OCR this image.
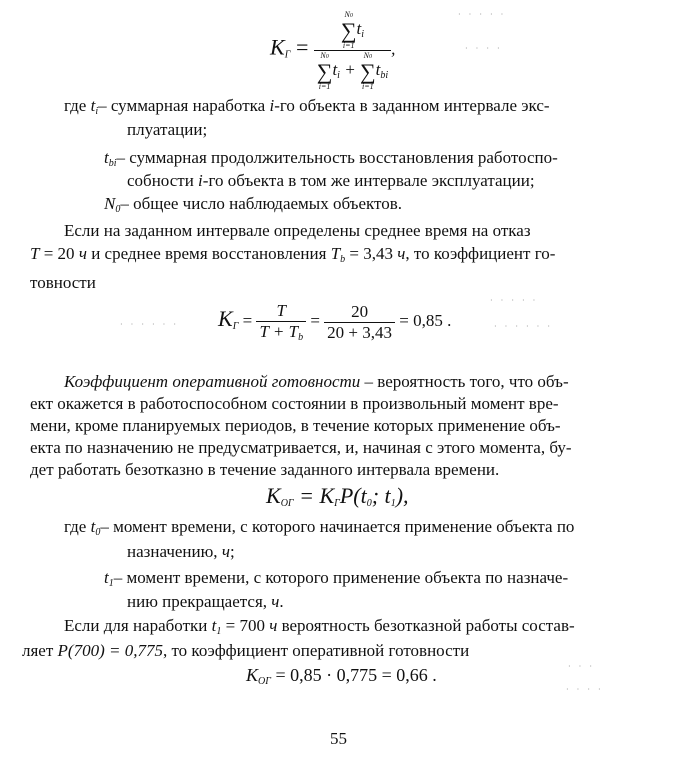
$K_Г = N0$
∑
i=1
$t_i$
N0
∑
i=1
$t_i$ +
N0
∑
i=1
$t_{bi}$ ,
где $t_i-$ суммарная наработка i-го объекта в заданном интервале экс-
плуатации;
$t_{bi}-$ суммарная продолжительность восстановления работоспо-
собности i-го объекта в том же интервале эксплуатации;
$N_0-$ общее число наблюдаемых объектов.
Если на заданном интервале определены среднее время на отказ
T = 20 ч и среднее время восстановления $T_b = 3,43$ ч, то коэффициент го-
товности
$K_Г = \frac{T}{T + T_b} = \frac{20}{20 + 3,43} = 0,85$ .
Коэффициент оперативной готовности – вероятность того, что объ-
ект окажется в работоспособном состоянии в произвольный момент вре-
мени, кроме планируемых периодов, в течение которых применение объ-
екта по назначению не предусматривается, и, начиная с этого момента, бу-
дет работать безотказно в течение заданного интервала времени.
$K_{ОГ} = K_ГP(t_0$; $t_1$),
где $t_0-$ момент времени, с которого начинается применение объекта по
назначению, ч;
$t_1-$ момент времени, с которого применение объекта по назначе-
нию прекращается, ч.
Если для наработки $t_1 = 700$ ч вероятность безотказной работы состав-
ляет P(700) = 0,775, то коэффициент оперативной готовности
$K_{ОГ} = 0,85 \cdot 0,775 = 0,66$ .
55
· · · · ·
· · · ·
· · · · ·
· · · · · ·
· · · · · ·
· · ·
· · · ·
